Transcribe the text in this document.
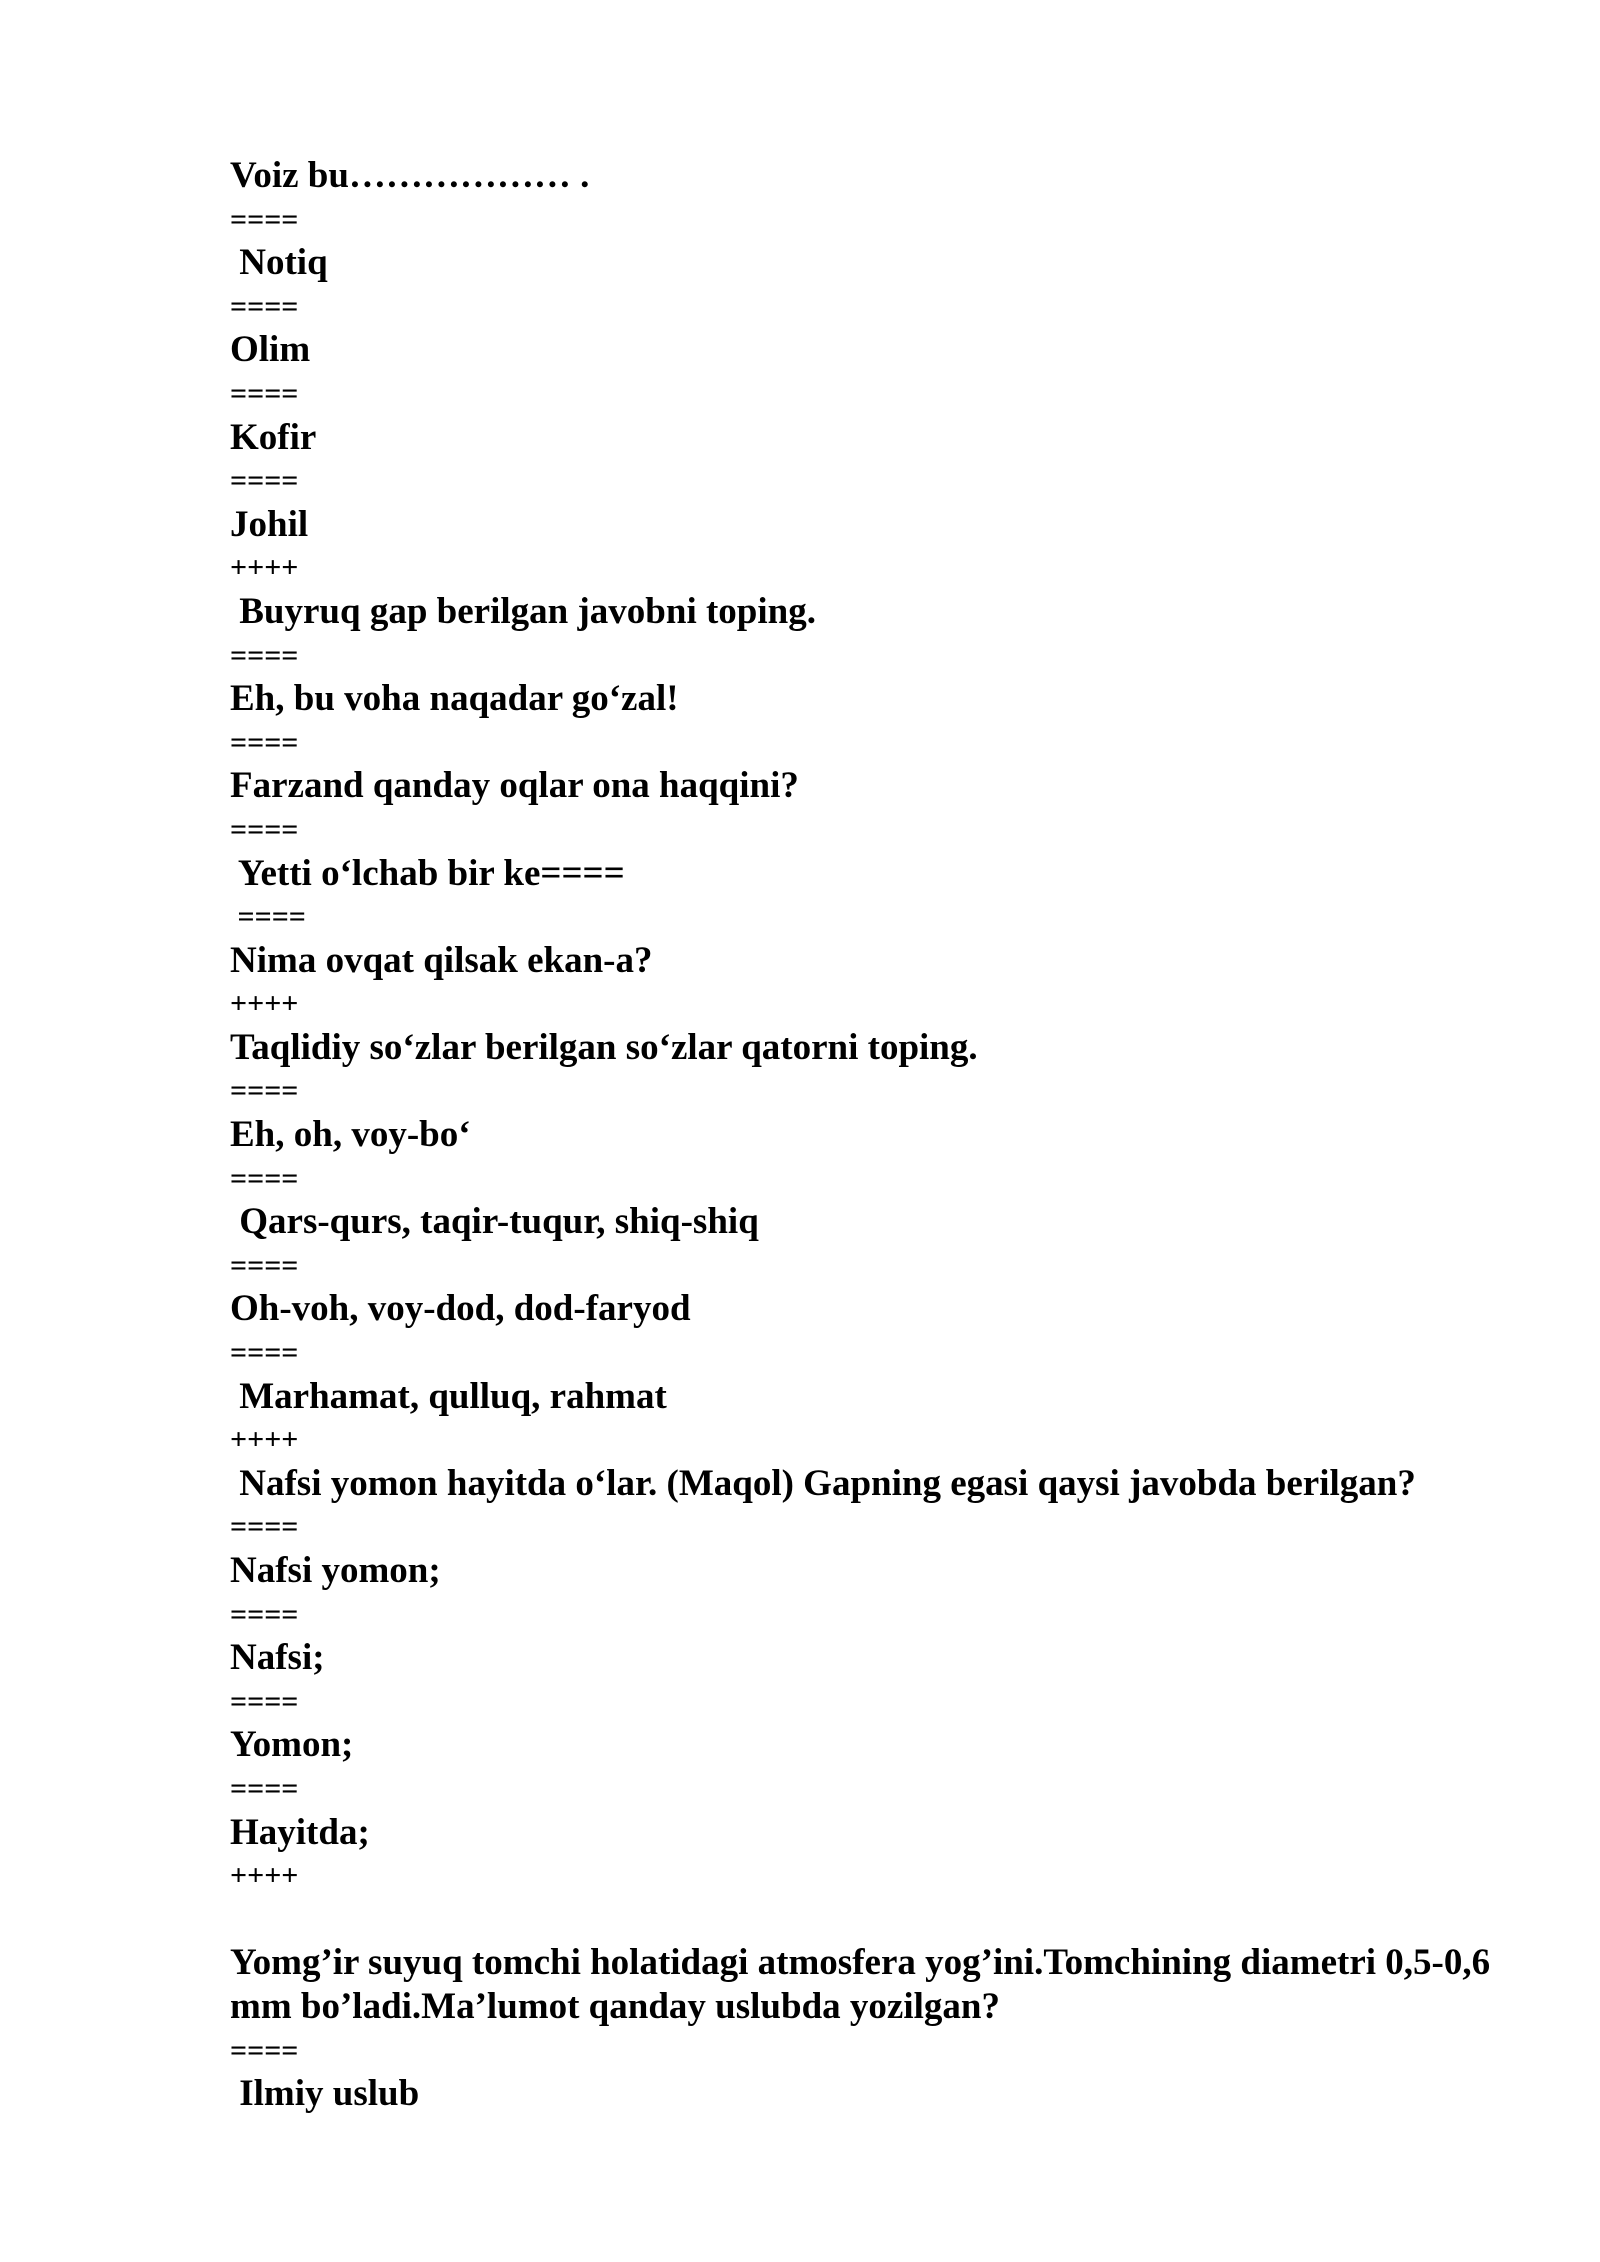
Voiz bu……………… .
====
Notiq
====
Olim
====
Kofir
====
Johil
++++
Buyruq gap berilgan javobni toping.
====
Eh, bu voha naqadar go‘zal!
====
Farzand qanday oqlar ona haqqini?
====
Yetti o‘lchab bir ke====
====
Nima ovqat qilsak ekan-a?
++++
Taqlidiy so‘zlar berilgan so‘zlar qatorni toping.
====
Eh, oh, voy-bo‘
====
Qars-qurs, taqir-tuqur, shiq-shiq
====
Oh-voh, voy-dod, dod-faryod
====
Marhamat, qulluq, rahmat
++++
Nafsi yomon hayitda o‘lar. (Maqol) Gapning egasi qaysi javobda berilgan?
====
Nafsi yomon;
====
Nafsi;
====
Yomon;
====
Hayitda;
++++
Yomg’ir suyuq tomchi holatidagi atmosfera yog’ini.Tomchining diametri 0,5-0,6 mm bo’ladi.Ma’lumot qanday uslubda yozilgan?
====
Ilmiy uslub
